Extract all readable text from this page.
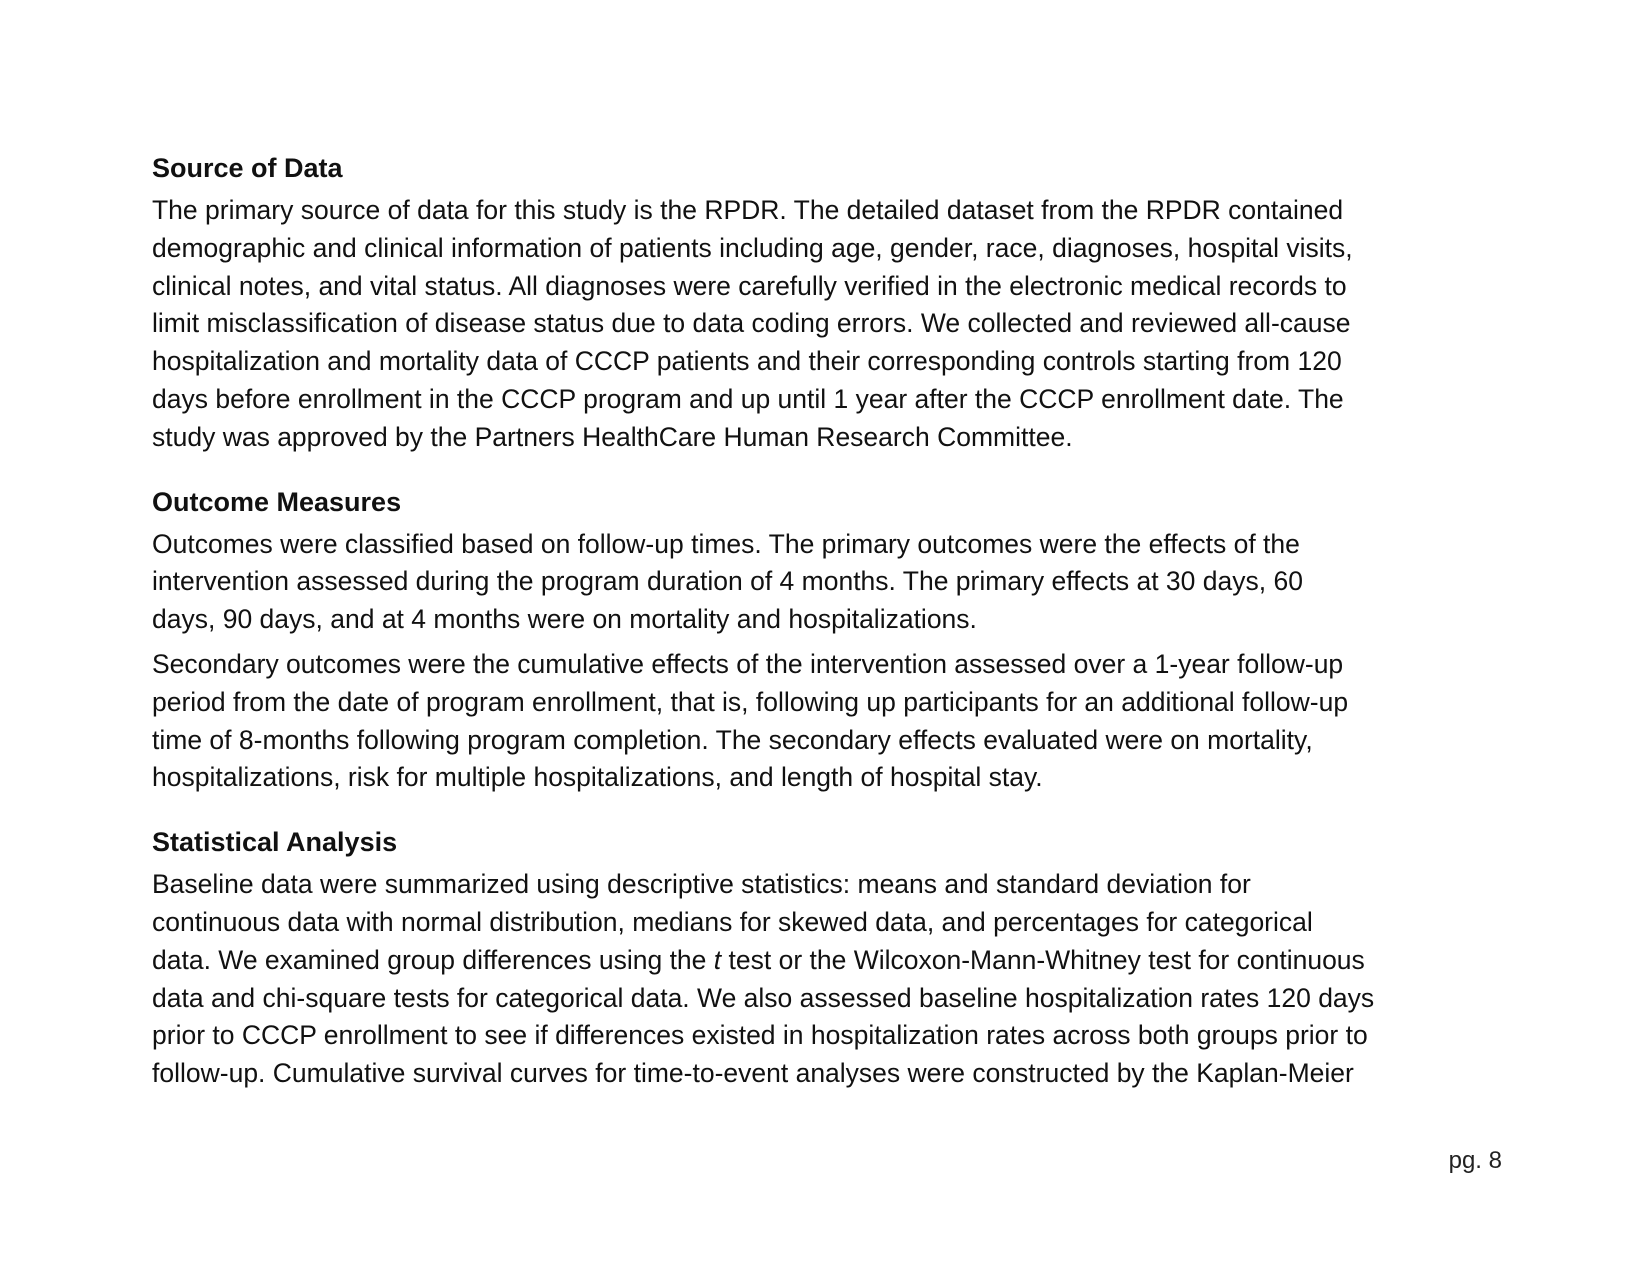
Source of Data

The primary source of data for this study is the RPDR. The detailed dataset from the RPDR contained
demographic and clinical information of patients including age, gender, race, diagnoses, hospital visits,
clinical notes, and vital status. All diagnoses were carefully verified in the electronic medical records to
limit misclassification of disease status due to data coding errors. We collected and reviewed all-cause
hospitalization and mortality data of CCCP patients and their corresponding controls starting from 120
days before enrollment in the CCCP program and up until 1 year after the CCCP enrollment date. The
study was approved by the Partners HealthCare Human Research Committee.

Outcome Measures

Outcomes were classified based on follow-up times. The primary outcomes were the effects of the
intervention assessed during the program duration of 4 months. The primary effects at 30 days, 60
days, 90 days, and at 4 months were on mortality and hospitalizations.

Secondary outcomes were the cumulative effects of the intervention assessed over a 1-year follow-up
period from the date of program enrollment, that is, following up participants for an additional follow-up
time of 8-months following program completion. The secondary effects evaluated were on mortality,
hospitalizations, risk for multiple hospitalizations, and length of hospital stay.

Statistical Analysis

Baseline data were summarized using descriptive statistics: means and standard deviation for
continuous data with normal distribution, medians for skewed data, and percentages for categorical
data. We examined group differences using the t test or the Wilcoxon-Mann-Whitney test for continuous
data and chi-square tests for categorical data. We also assessed baseline hospitalization rates 120 days
prior to CCCP enrollment to see if differences existed in hospitalization rates across both groups prior to
follow-up. Cumulative survival curves for time-to-event analyses were constructed by the Kaplan-Meier

pg. 8
